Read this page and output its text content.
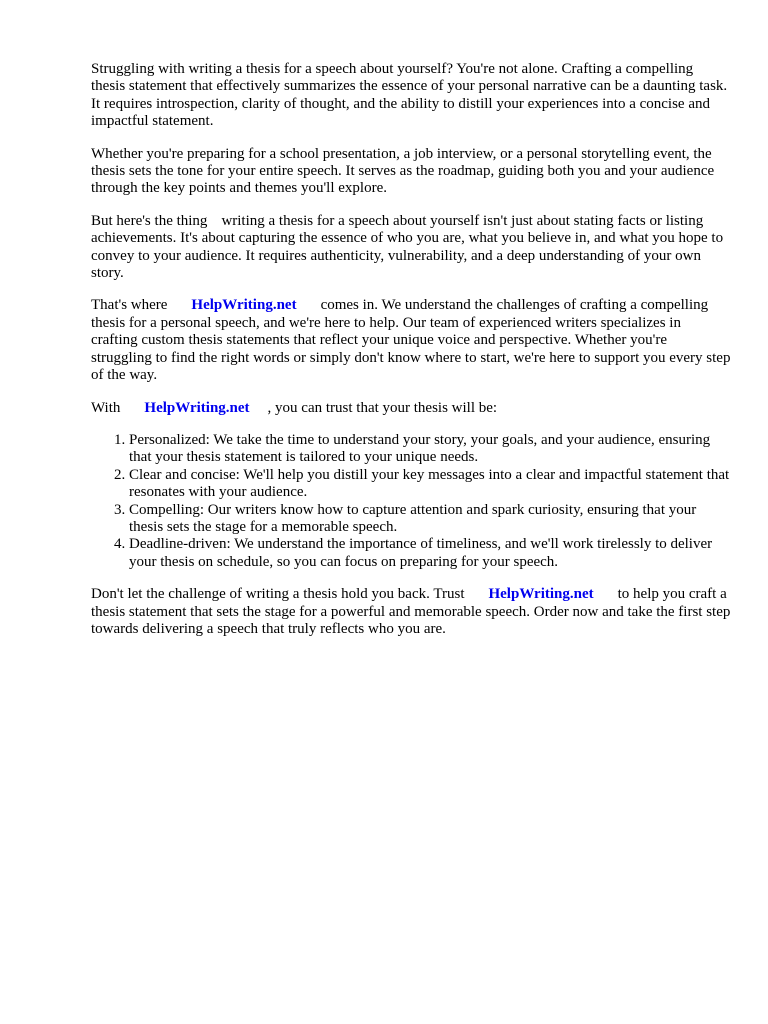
Struggling with writing a thesis for a speech about yourself? You're not alone. Crafting a compelling thesis statement that effectively summarizes the essence of your personal narrative can be a daunting task. It requires introspection, clarity of thought, and the ability to distill your experiences into a concise and impactful statement.

Whether you're preparing for a school presentation, a job interview, or a personal storytelling event, the thesis sets the tone for your entire speech. It serves as the roadmap, guiding both you and your audience through the key points and themes you'll explore.

But here's the thing writing a thesis for a speech about yourself isn't just about stating facts or listing achievements. It's about capturing the essence of who you are, what you believe in, and what you hope to convey to your audience. It requires authenticity, vulnerability, and a deep understanding of your own story.

That's where HelpWriting.net comes in. We understand the challenges of crafting a compelling thesis for a personal speech, and we're here to help. Our team of experienced writers specializes in crafting custom thesis statements that reflect your unique voice and perspective. Whether you're struggling to find the right words or simply don't know where to start, we're here to support you every step of the way.

With HelpWriting.net , you can trust that your thesis will be:

1. Personalized: We take the time to understand your story, your goals, and your audience, ensuring that your thesis statement is tailored to your unique needs.
2. Clear and concise: We'll help you distill your key messages into a clear and impactful statement that resonates with your audience.
3. Compelling: Our writers know how to capture attention and spark curiosity, ensuring that your thesis sets the stage for a memorable speech.
4. Deadline-driven: We understand the importance of timeliness, and we'll work tirelessly to deliver your thesis on schedule, so you can focus on preparing for your speech.

Don't let the challenge of writing a thesis hold you back. Trust HelpWriting.net to help you craft a thesis statement that sets the stage for a powerful and memorable speech. Order now and take the first step towards delivering a speech that truly reflects who you are.
